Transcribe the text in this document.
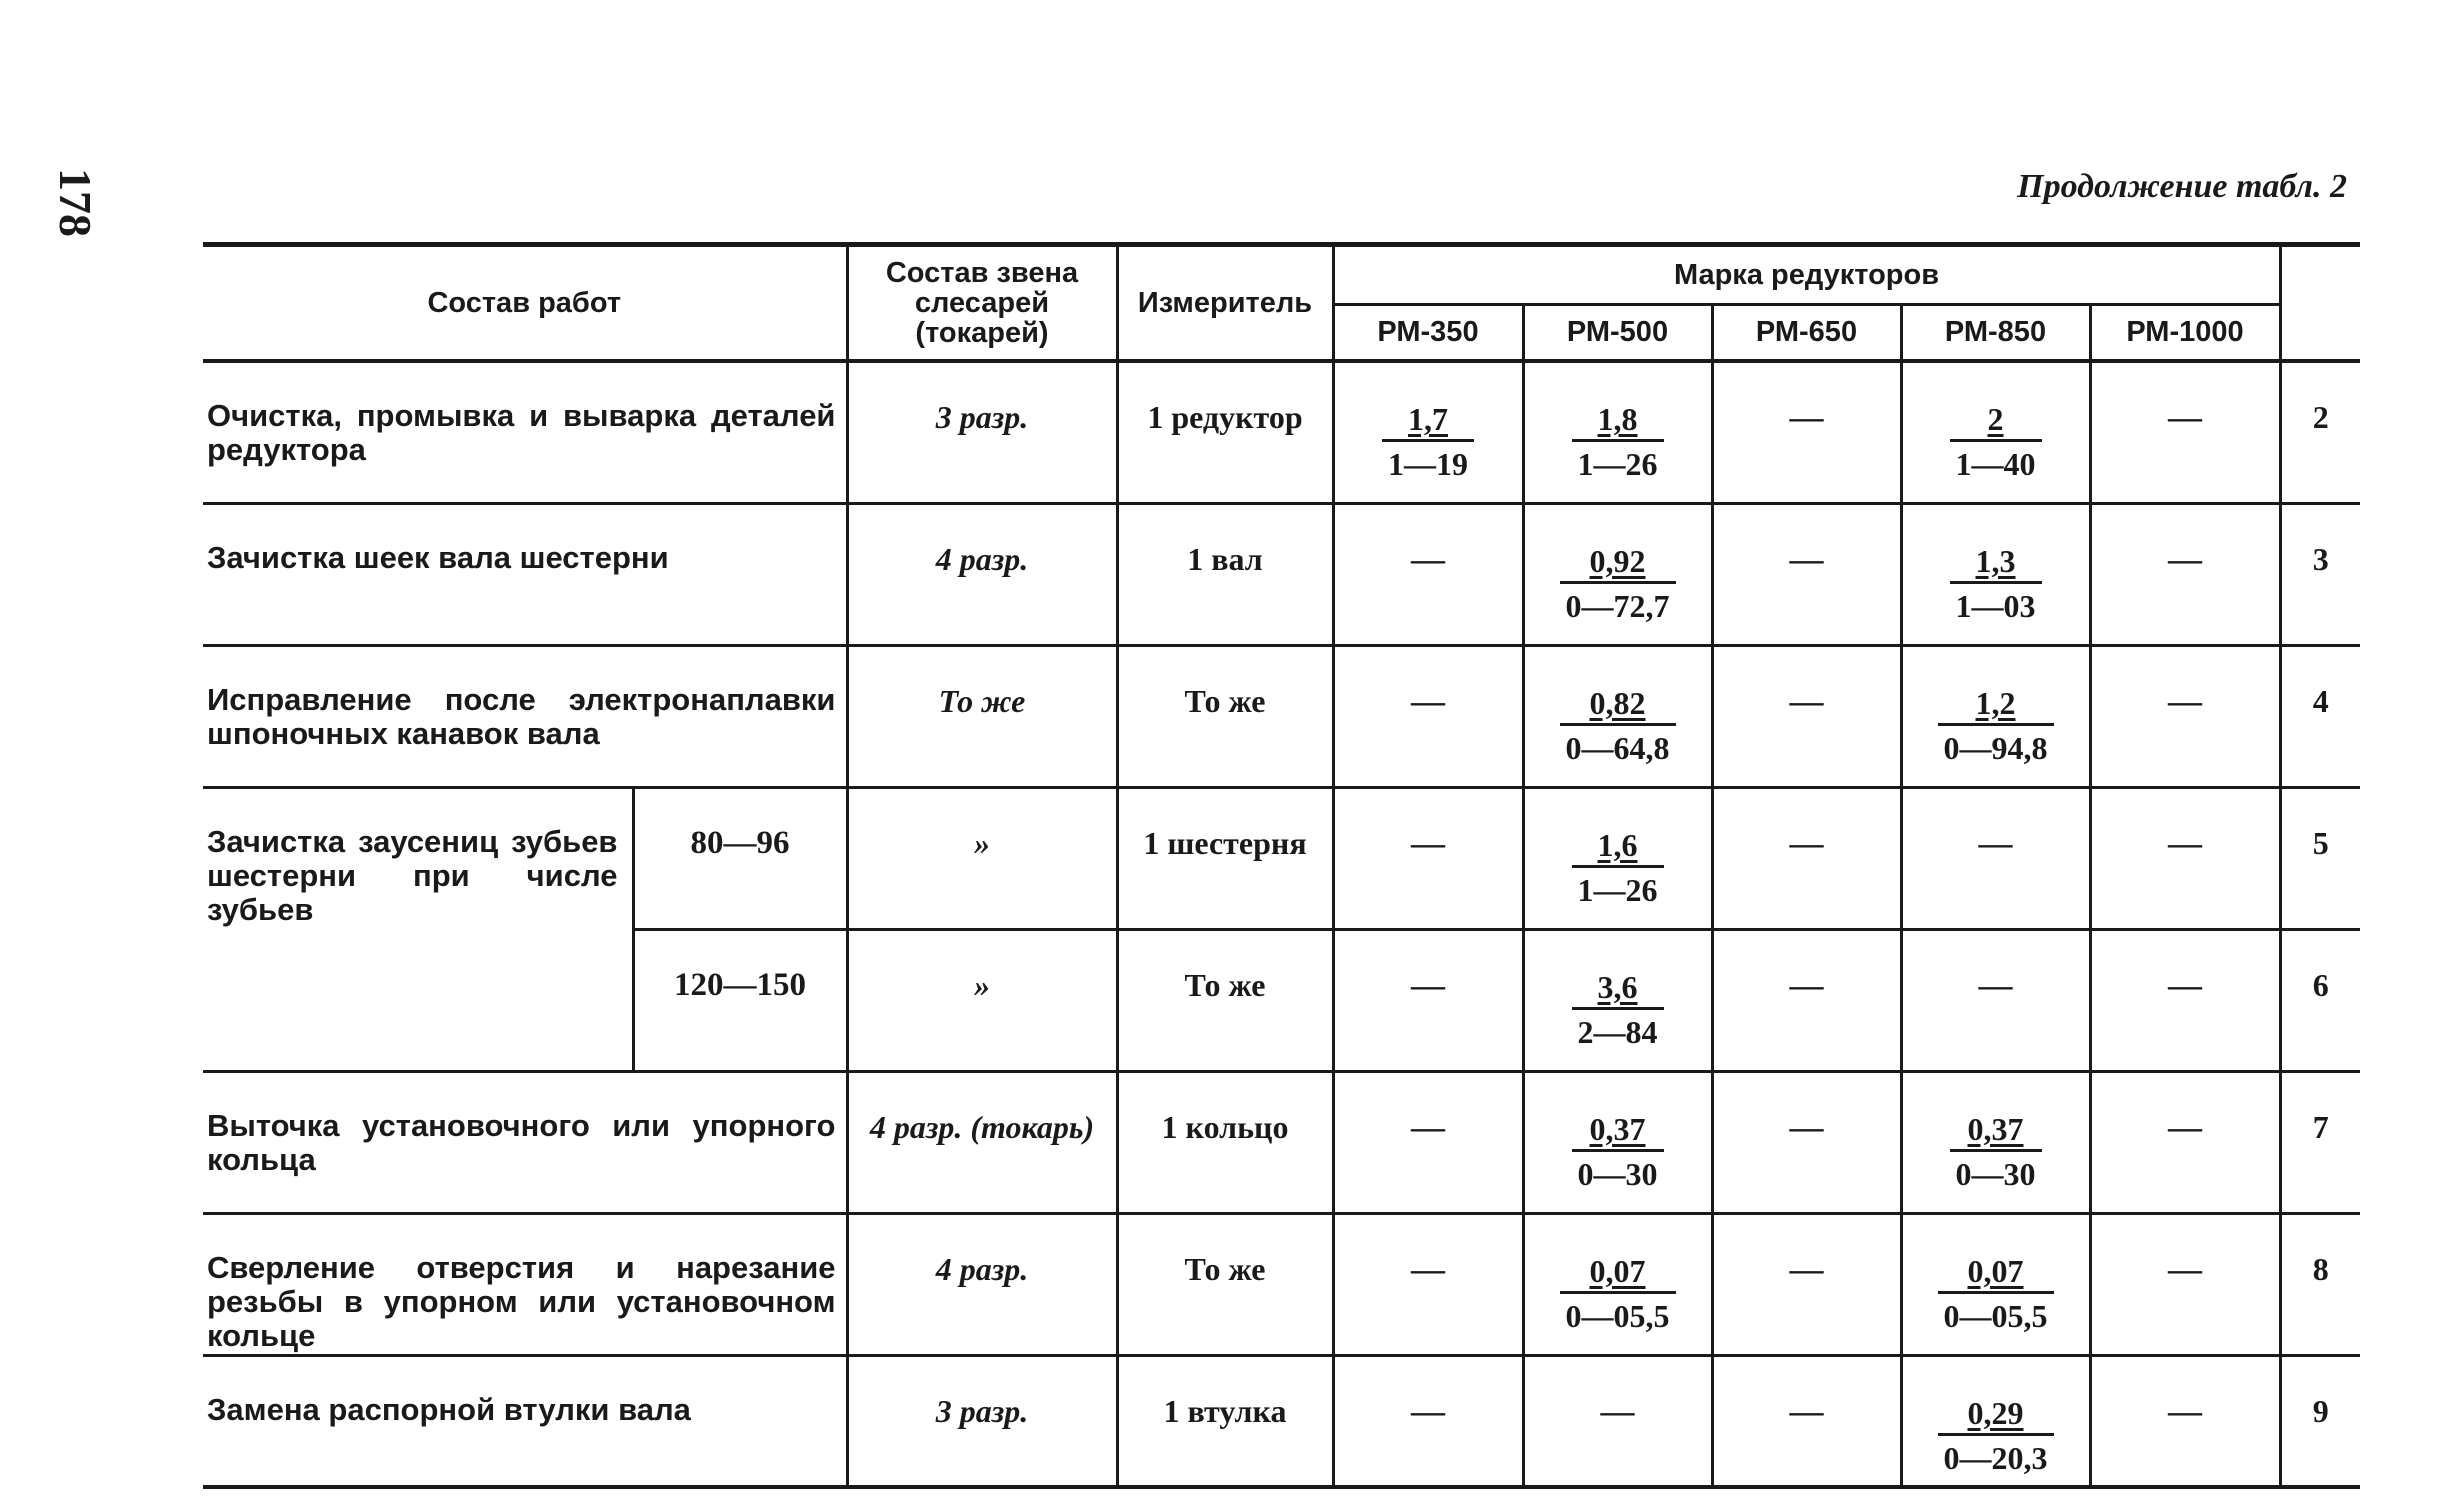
178	Продолжение табл. 2
Состав работ		Состав звена слесарей (токарей)	Измеритель	Марка редукторов					
				РМ-350	РМ-500	РМ-650	РМ-850	РМ-1000	
Очистка, промывка и выварка деталей редуктора		3 разр.	1 редуктор	$\frac{1,7}{1—19}$	$\frac{1,8}{1—26}$	—	$\frac{2}{1—40}$	—	2
Зачистка шеек вала шестерни		4 разр.	1 вал	—	$\frac{0,92}{0—72,7}$	—	$\frac{1,3}{1—03}$	—	3
Исправление после электронаплавки шпоночных канавок вала		То же	То же	—	$\frac{0,82}{0—64,8}$	—	$\frac{1,2}{0—94,8}$	—	4
Зачистка заусениц зубьев шестерни при числе зубьев	80—96	»	1 шестерня	—	$\frac{1,6}{1—26}$	—	—	—	5
	120—150	»	То же	—	$\frac{3,6}{2—84}$	—	—	—	6
Выточка установочного или упорного кольца		4 разр. (токарь)	1 кольцо	—	$\frac{0,37}{0—30}$	—	$\frac{0,37}{0—30}$	—	7
Сверление отверстия и нарезание резьбы в упорном или установочном кольце		4 разр.	То же	—	$\frac{0,07}{0—05,5}$	—	$\frac{0,07}{0—05,5}$	—	8
Замена распорной втулки вала		3 разр.	1 втулка	—	—	—	$\frac{0,29}{0—20,3}$	—	9
